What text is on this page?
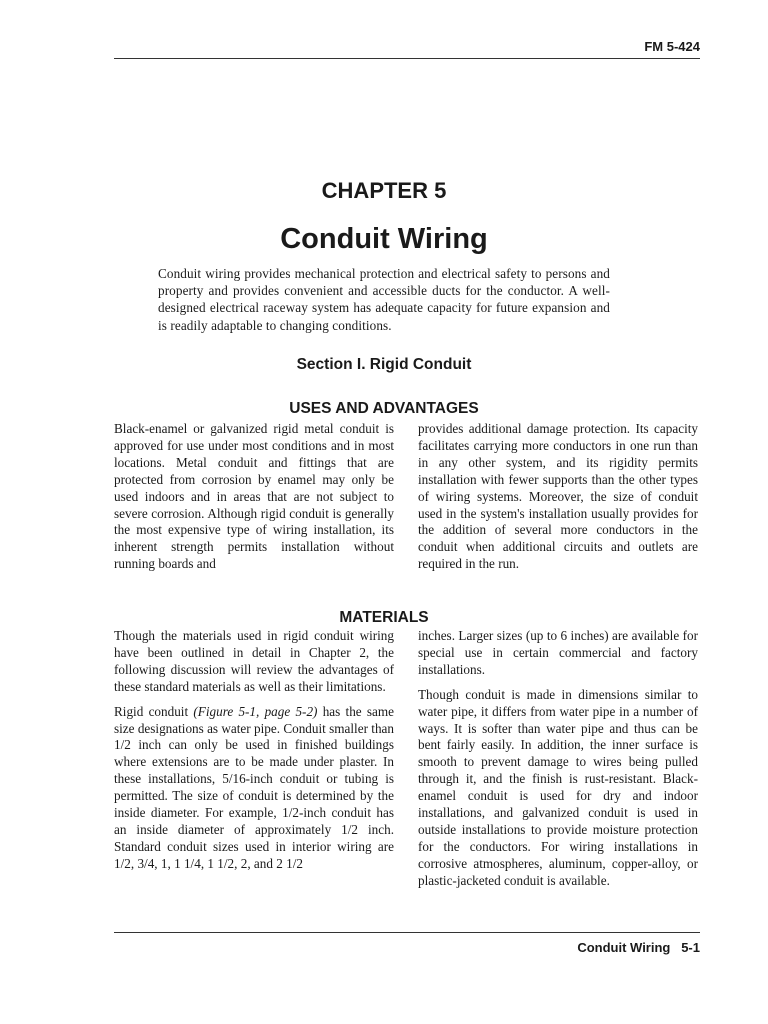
FM 5-424
CHAPTER 5
Conduit Wiring
Conduit wiring provides mechanical protection and electrical safety to persons and property and provides convenient and accessible ducts for the conductor. A well-designed electrical raceway system has adequate capacity for future expansion and is readily adaptable to changing conditions.
Section I. Rigid Conduit
USES AND ADVANTAGES

Black-enamel or galvanized rigid metal conduit is approved for use under most conditions and in most locations. Metal conduit and fittings that are protected from corrosion by enamel may only be used indoors and in areas that are not subject to severe corrosion. Although rigid conduit is generally the most expensive type of wiring installation, its inherent strength permits installation without running boards and

provides additional damage protection. Its capacity facilitates carrying more conductors in one run than in any other system, and its rigidity permits installation with fewer supports than the other types of wiring systems. Moreover, the size of conduit used in the system's installation usually provides for the addition of several more conductors in the conduit when additional circuits and outlets are required in the run.

MATERIALS

Though the materials used in rigid conduit wiring have been outlined in detail in Chapter 2, the following discussion will review the advantages of these standard materials as well as their limitations.

Rigid conduit (Figure 5-1, page 5-2) has the same size designations as water pipe. Conduit smaller than 1/2 inch can only be used in finished buildings where extensions are to be made under plaster. In these installations, 5/16-inch conduit or tubing is permitted. The size of conduit is determined by the inside diameter. For example, 1/2-inch conduit has an inside diameter of approximately 1/2 inch. Standard conduit sizes used in interior wiring are 1/2, 3/4, 1, 1 1/4, 1 1/2, 2, and 2 1/2

inches. Larger sizes (up to 6 inches) are available for special use in certain commercial and factory installations.

Though conduit is made in dimensions similar to water pipe, it differs from water pipe in a number of ways. It is softer than water pipe and thus can be bent fairly easily. In addition, the inner surface is smooth to prevent damage to wires being pulled through it, and the finish is rust-resistant. Black-enamel conduit is used for dry and indoor installations, and galvanized conduit is used in outside installations to provide moisture protection for the conductors. For wiring installations in corrosive atmospheres, aluminum, copper-alloy, or plastic-jacketed conduit is available.

Conduit Wiring 5-1
